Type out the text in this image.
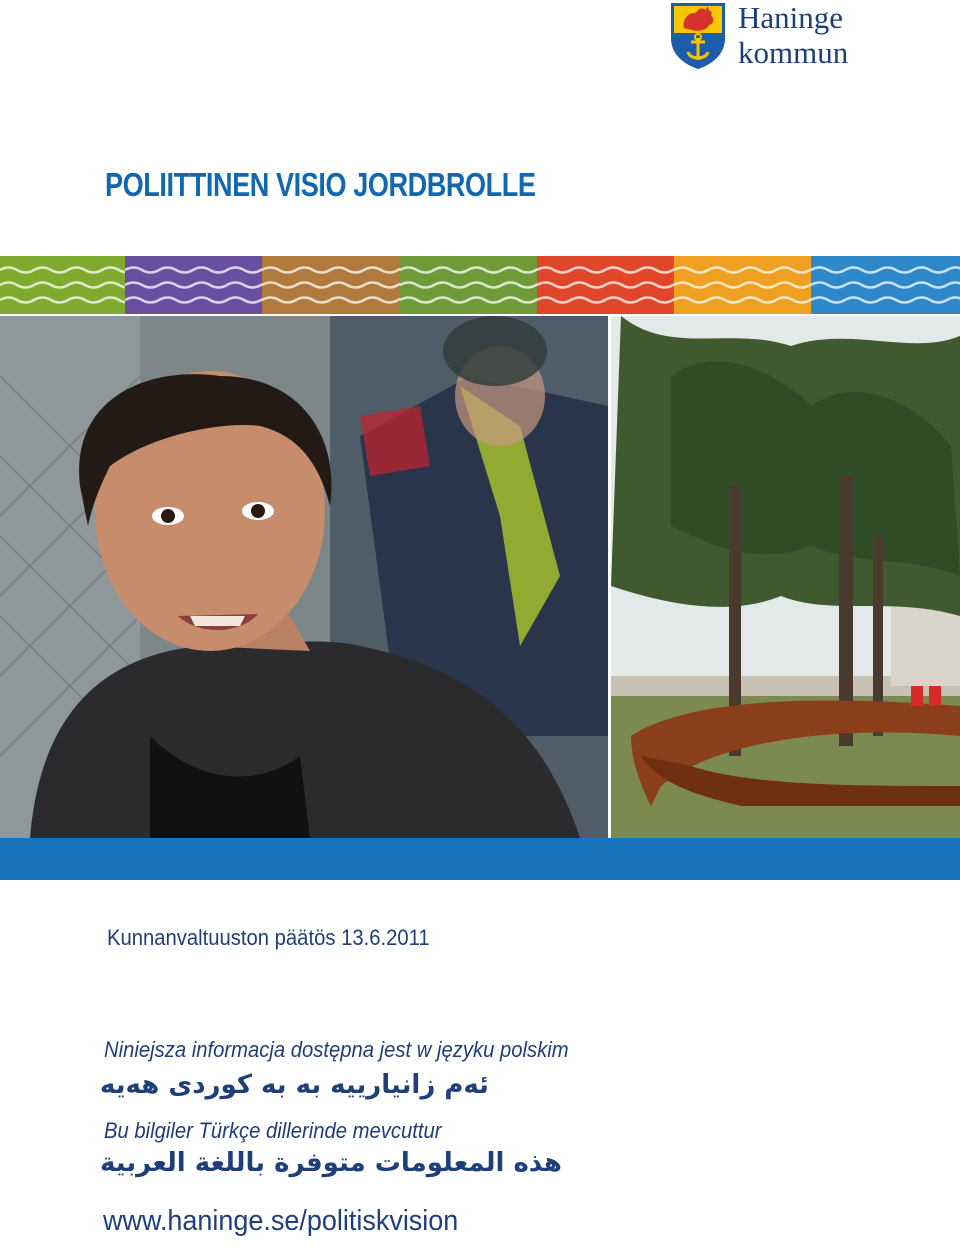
Haninge
kommun
POLIITTINEN VISIO JORDBROLLE
Kunnanvaltuuston päätös 13.6.2011
Niniejsza informacja dostępna jest w języku polskim
ئەم زانیارییە بە بە کوردی هەیە
Bu bilgiler Türkçe dillerinde mevcuttur
هذه المعلومات متوفرة باللغة العربية
www.haninge.se/politiskvision
